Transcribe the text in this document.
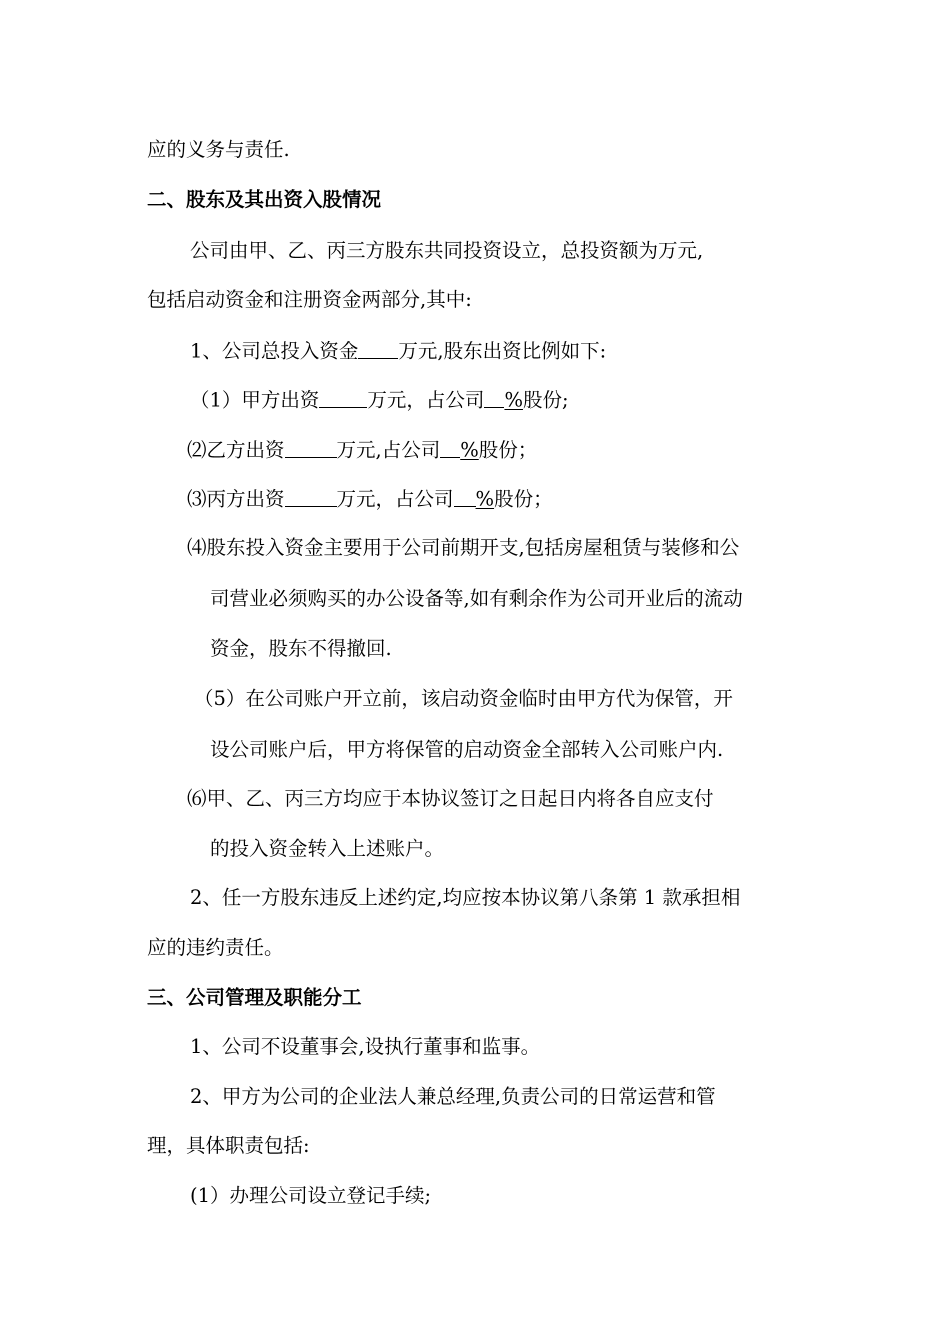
应的义务与责任.
二、股东及其出资入股情况
公司由甲、乙、丙三方股东共同投资设立，总投资额为万元,
包括启动资金和注册资金两部分,其中:
1、公司总投入资金 万元,股东出资比例如下:
（1）甲方出资 万元，占公司 %股份;
⑵乙方出资	万元,占公司 %股份；
⑶丙方出资	万元，占公司 %股份；
⑷股东投入资金主要用于公司前期开支,包括房屋租赁与装修和公
司营业必须购买的办公设备等,如有剩余作为公司开业后的流动
资金，股东不得撤回.
（5）在公司账户开立前，该启动资金临时由甲方代为保管，开
设公司账户后，甲方将保管的启动资金全部转入公司账户内.
⑹甲、乙、丙三方均应于本协议签订之日起日内将各自应支付
的投入资金转入上述账户。
2、任一方股东违反上述约定,均应按本协议第八条第 1 款承担相
应的违约责任。
三、公司管理及职能分工
1、公司不设董事会,设执行董事和监事。
2、甲方为公司的企业法人兼总经理,负责公司的日常运营和管
理，具体职责包括:
(1）办理公司设立登记手续;
